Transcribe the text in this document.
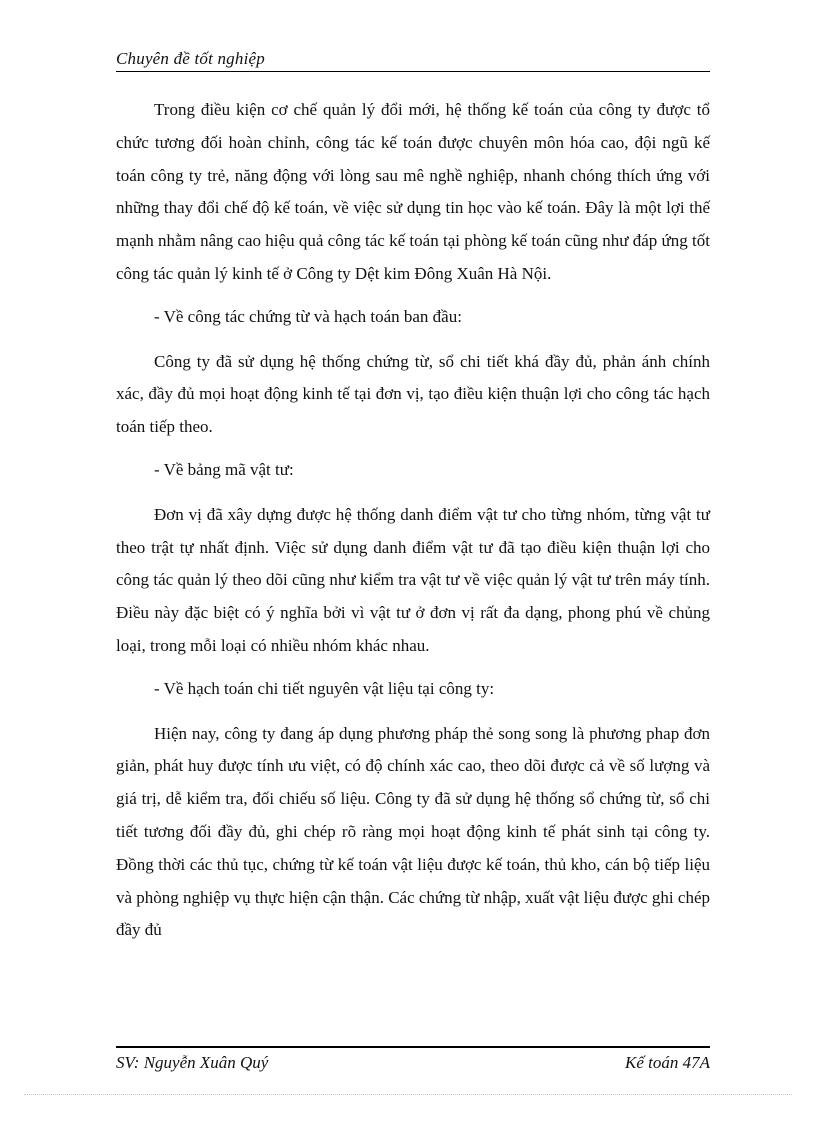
Chuyên đề tốt nghiệp

Trong điều kiện cơ chế quản lý đổi mới, hệ thống kế toán của công ty được tổ chức tương đối hoàn chỉnh, công tác kế toán được chuyên môn hóa cao, đội ngũ kế toán công ty trẻ, năng động với lòng sau mê nghề nghiệp, nhanh chóng thích ứng với những thay đổi chế độ kế toán, về việc sử dụng tin học vào kế toán. Đây là một lợi thế mạnh nhằm nâng cao hiệu quả công tác kế toán tại phòng kế toán cũng như đáp ứng tốt công tác quản lý kinh tế ở Công ty Dệt kim Đông Xuân Hà Nội.

- Về công tác chứng từ và hạch toán ban đầu:

Công ty đã sử dụng hệ thống chứng từ, sổ chi tiết khá đầy đủ, phản ánh chính xác, đầy đủ mọi hoạt động kinh tế tại đơn vị, tạo điều kiện thuận lợi cho công tác hạch toán tiếp theo.

- Về bảng mã vật tư:

Đơn vị đã xây dựng được hệ thống danh điểm vật tư cho từng nhóm, từng vật tư theo trật tự nhất định. Việc sử dụng danh điểm vật tư đã tạo điều kiện thuận lợi cho công tác quản lý theo dõi cũng như kiểm tra vật tư về việc quản lý vật tư trên máy tính. Điều này đặc biệt có ý nghĩa bởi vì vật tư ở đơn vị rất đa dạng, phong phú về chủng loại, trong mỗi loại có nhiều nhóm khác nhau.

- Về hạch toán chi tiết nguyên vật liệu tại công ty:

Hiện nay, công ty đang áp dụng phương pháp thẻ song song là phương phap đơn giản, phát huy được tính ưu việt, có độ chính xác cao, theo dõi được cả về số lượng và giá trị, dễ kiểm tra, đối chiếu số liệu. Công ty đã sử dụng hệ thống sổ chứng từ, sổ chi tiết tương đối đầy đủ, ghi chép rõ ràng mọi hoạt động kinh tế phát sinh tại công ty. Đồng thời các thủ tục, chứng từ kế toán vật liệu được kế toán, thủ kho, cán bộ tiếp liệu và phòng nghiệp vụ thực hiện cận thận. Các chứng từ nhập, xuất vật liệu được ghi chép đầy đủ

SV: Nguyễn Xuân Quý	Kế toán 47A
